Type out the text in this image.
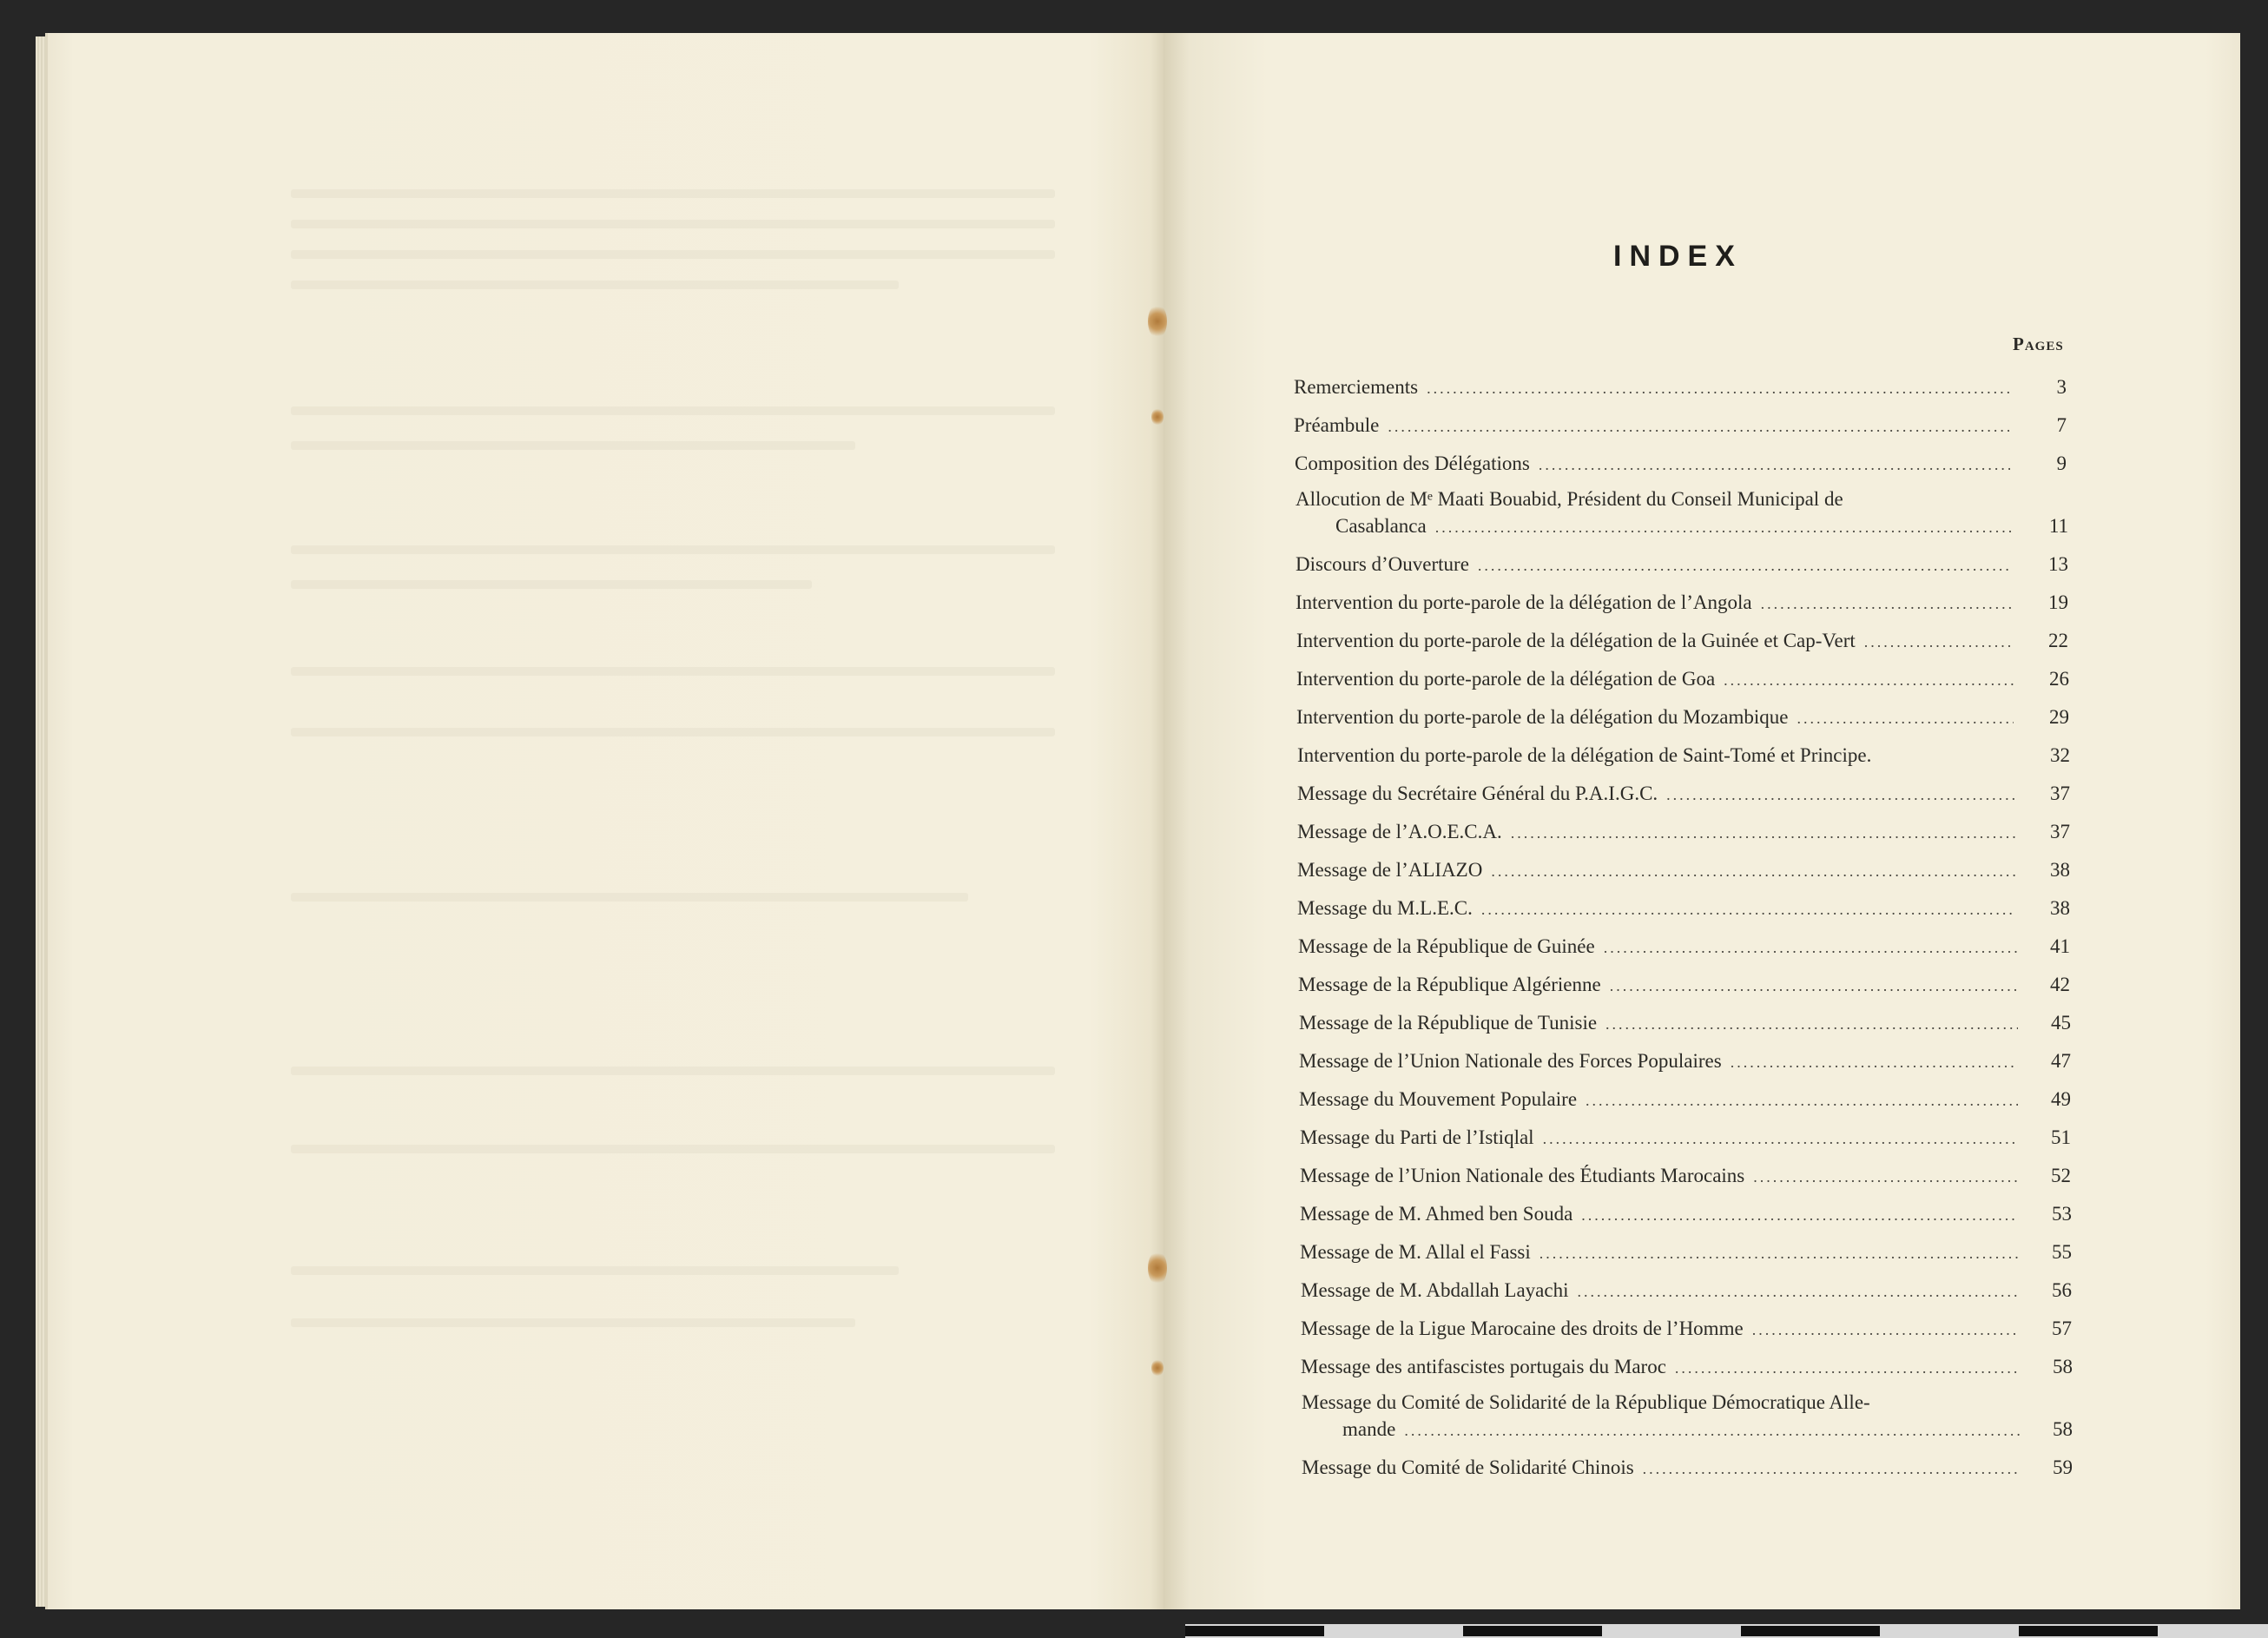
INDEX
Pages
Remerciements .....	3
Préambule .....	7
Composition des Délégations .....	9
Allocution de Mᵉ Maati Bouabid, Président du Conseil Municipal de
Casablanca .....	11
Discours d’Ouverture .....	13
Intervention du porte-parole de la délégation de l’Angola .....	19
Intervention du porte-parole de la délégation de la Guinée et Cap-Vert .....	22
Intervention du porte-parole de la délégation de Goa .....	26
Intervention du porte-parole de la délégation du Mozambique .....	29
Intervention du porte-parole de la délégation de Saint-Tomé et Principe.	32
Message du Secrétaire Général du P.A.I.G.C. .....	37
Message de l’A.O.E.C.A. .....	37
Message de l’ALIAZO .....	38
Message du M.L.E.C. .....	38
Message de la République de Guinée .....	41
Message de la République Algérienne .....	42
Message de la République de Tunisie .....	45
Message de l’Union Nationale des Forces Populaires .....	47
Message du Mouvement Populaire .....	49
Message du Parti de l’Istiqlal .....	51
Message de l’Union Nationale des Étudiants Marocains .....	52
Message de M. Ahmed ben Souda .....	53
Message de M. Allal el Fassi .....	55
Message de M. Abdallah Layachi .....	56
Message de la Ligue Marocaine des droits de l’Homme .....	57
Message des antifascistes portugais du Maroc .....	58
Message du Comité de Solidarité de la République Démocratique Alle-
mande .....	58
Message du Comité de Solidarité Chinois .....	59
